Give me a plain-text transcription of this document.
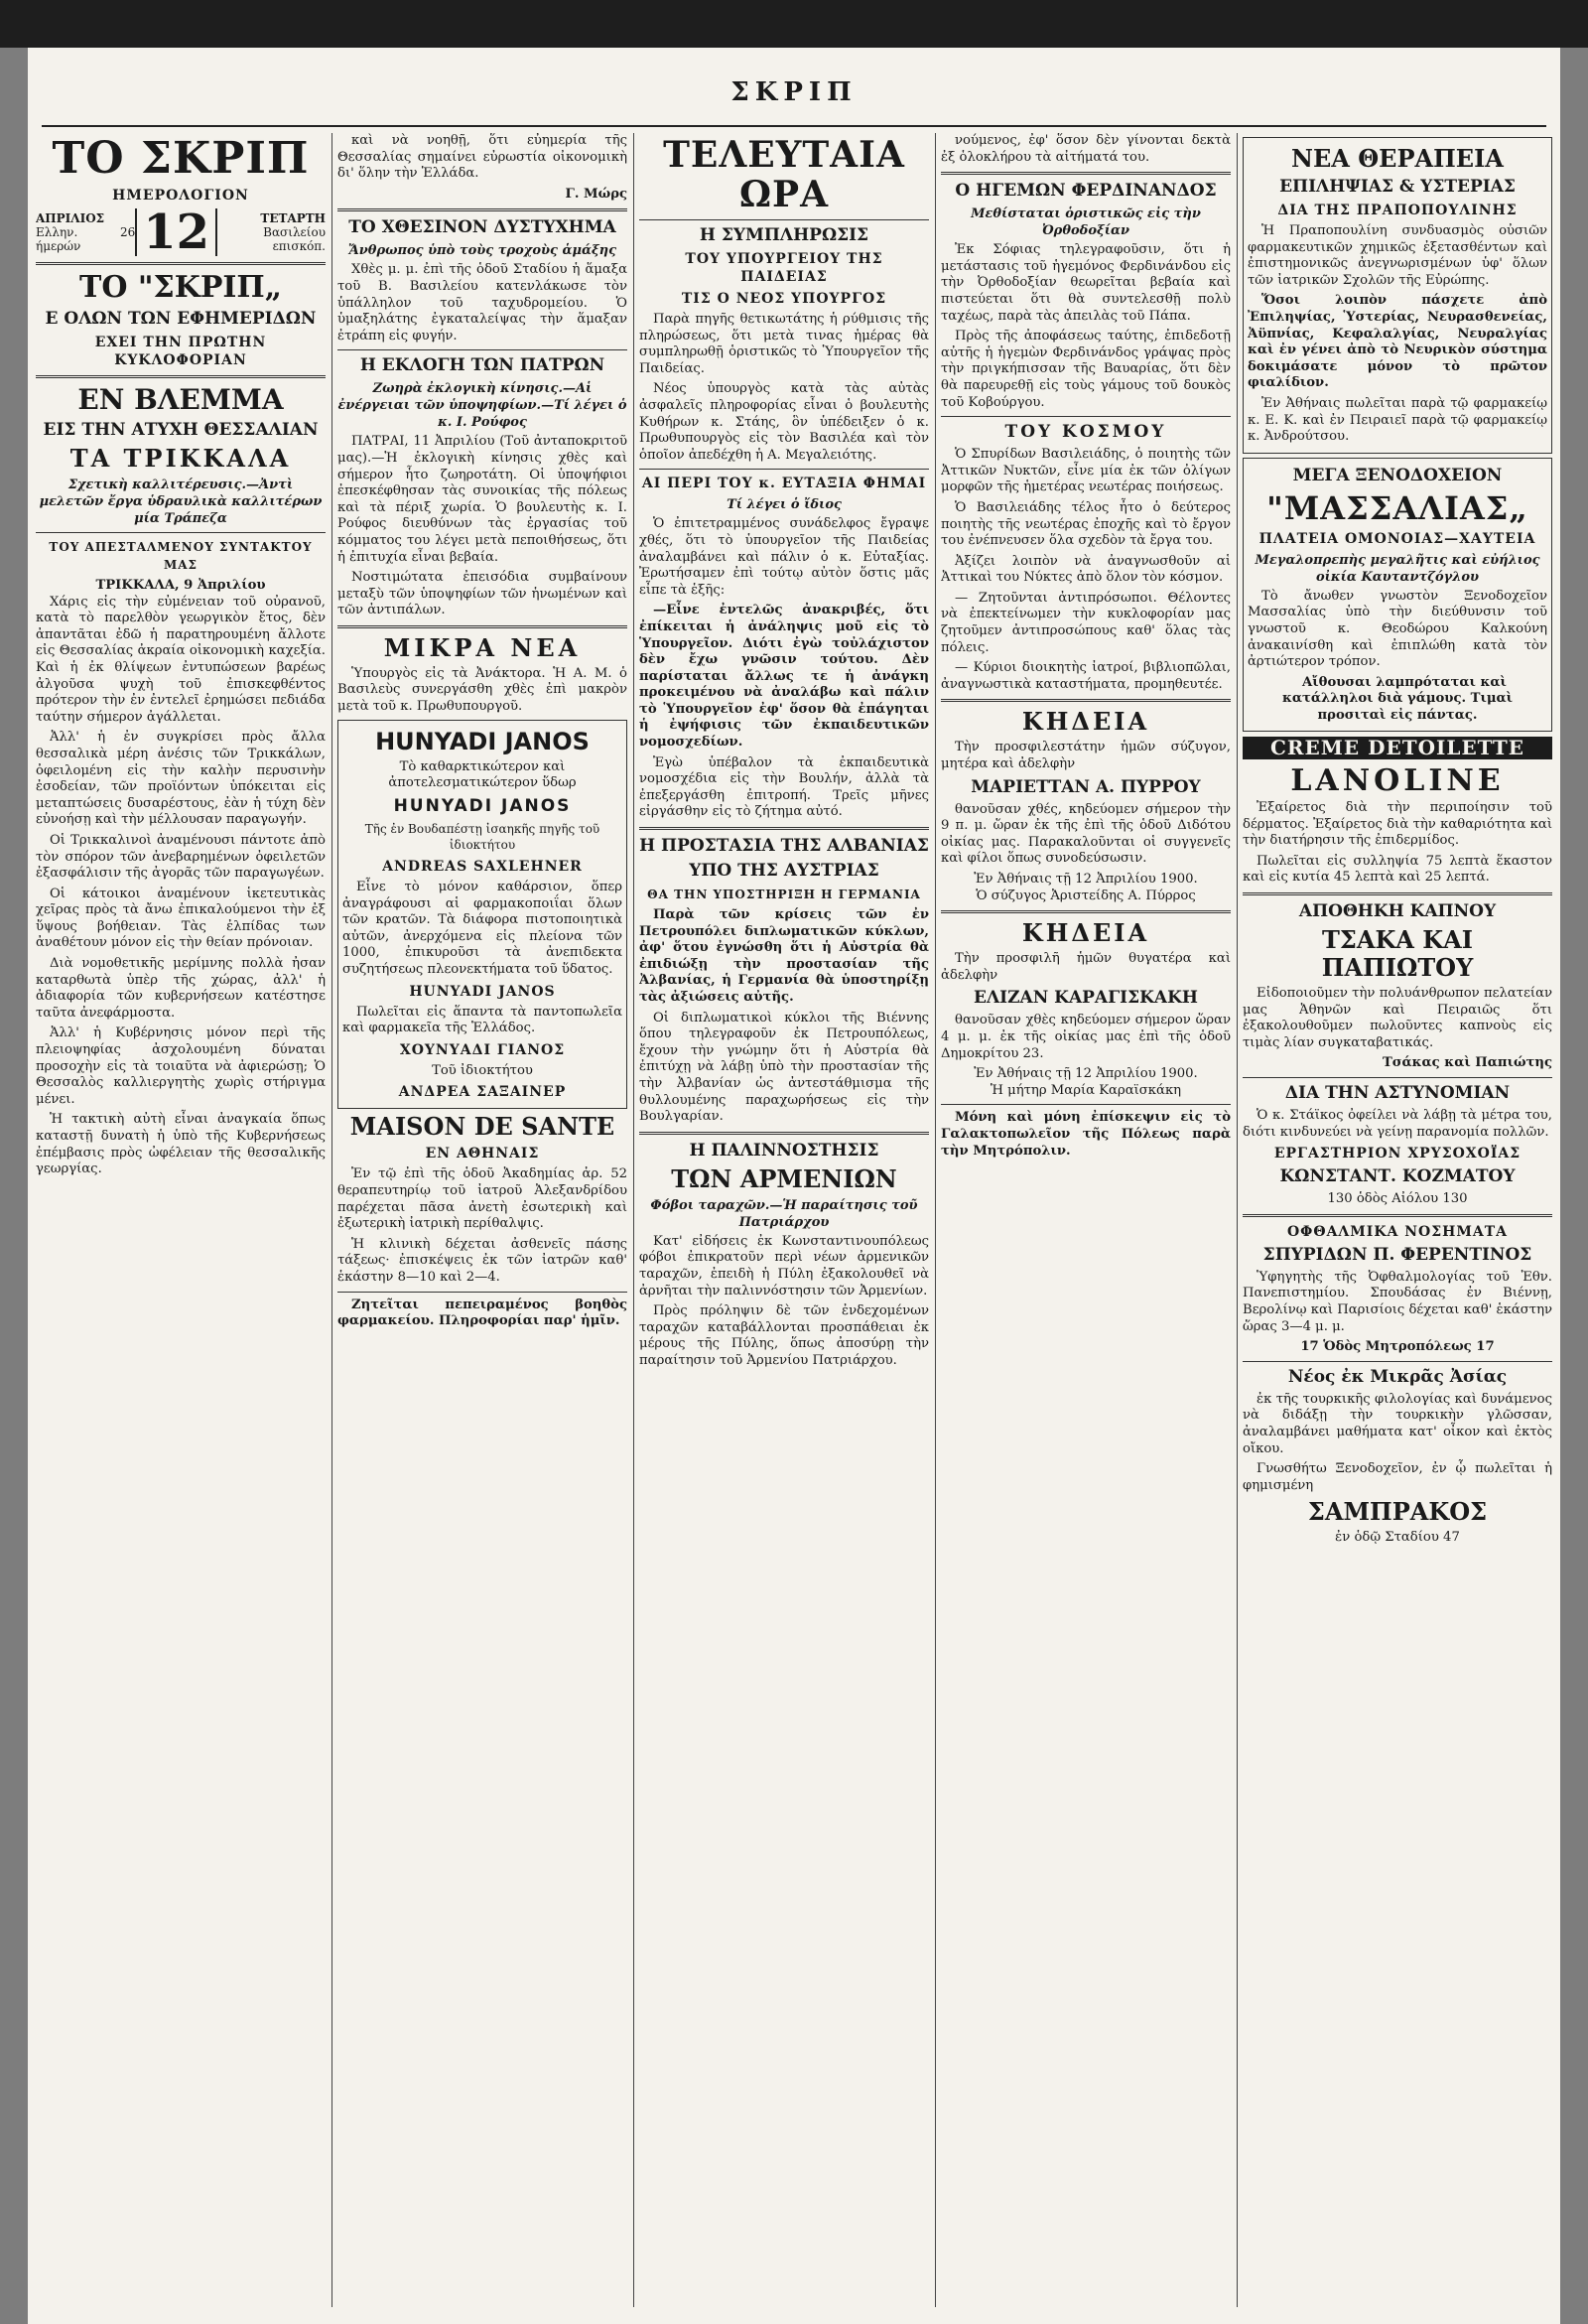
ΣΚΡΙΠ
ΤΟ ΣΚΡΙΠ
ΗΜΕΡΟΛΟΓΙΟΝ
ΑΠΡΙΛΙΟΣ
Ελλην. 26 ήμερών	12	ΤΕΤΑΡΤΗ
Βασιλείου επισκόπ.
ΤΟ "ΣΚΡΙΠ„
Ε ΟΛΩΝ ΤΩΝ ΕΦΗΜΕΡΙΔΩΝ
ΕΧΕΙ ΤΗΝ ΠΡΩΤΗΝ ΚΥΚΛΟΦΟΡΙΑΝ
ΕΝ ΒΛΕΜΜΑ
ΕΙΣ ΤΗΝ ΑΤΥΧΗ ΘΕΣΣΑΛΙΑΝ
ΤΑ ΤΡΙΚΚΑΛΑ
Σχετικὴ καλλιτέρευσις.—Ἀντὶ μελετῶν ἔργα ὑδραυλικὰ καλλιτέρων μία Τράπεζα
ΤΟΥ ΑΠΕΣΤΑΛΜΕΝΟΥ ΣΥΝΤΑΚΤΟΥ ΜΑΣ
ΤΡΙΚΚΑΛΑ, 9 Ἀπριλίου

Χάρις εἰς τὴν εὐμένειαν τοῦ οὐρανοῦ, κατὰ τὸ παρελθὸν γεωργικὸν ἔτος, δὲν ἀπαντᾶται ἐδῶ ἡ παρατηρουμένη ἄλλοτε εἰς Θεσσαλίας ἀκραία οἰκονομικὴ καχεξία. Καὶ ἡ ἐκ θλίψεων ἐντυπώσεων βαρέως ἀλγοῦσα ψυχὴ τοῦ ἐπισκεφθέντος πρότερον τὴν ἐν ἐντελεῖ ἐρημώσει πεδιάδα ταύτην σήμερον ἀγάλλεται.

Ἀλλ' ἡ ἐν συγκρίσει πρὸς ἄλλα θεσσαλικὰ μέρη ἀνέσις τῶν Τρικκάλων, ὀφειλομένη εἰς τὴν καλὴν περυσινὴν ἐσοδείαν, τῶν προϊόντων ὑπόκειται εἰς μεταπτώσεις δυσαρέστους, ἐὰν ἡ τύχη δὲν εὐνοήσῃ καὶ τὴν μέλλουσαν παραγωγήν.

Οἱ Τρικκαλινοὶ ἀναμένουσι πάντοτε ἀπὸ τὸν σπόρον τῶν ἀνεβαρημένων ὀφειλετῶν ἐξασφάλισιν τῆς ἀγορᾶς τῶν παραγωγέων.

Οἱ κάτοικοι ἀναμένουν ἱκετευτικὰς χεῖρας πρὸς τὰ ἄνω ἐπικαλούμενοι τὴν ἐξ ὕψους βοήθειαν. Τὰς ἐλπίδας των ἀναθέτουν μόνον εἰς τὴν θείαν πρόνοιαν.

Διὰ νομοθετικῆς μερίμνης πολλὰ ἠσαν καταρθωτὰ ὑπὲρ τῆς χώρας, ἀλλ' ἡ ἀδιαφορία τῶν κυβερνήσεων κατέστησε ταῦτα ἀνεφάρμοστα.

Ἀλλ' ἡ Κυβέρνησις μόνον περὶ τῆς πλειοψηφίας ἀσχολουμένη δύναται προσοχὴν εἰς τὰ τοιαῦτα νὰ ἀφιερώσῃ; Ὁ Θεσσαλὸς καλλιεργητὴς χωρὶς στήριγμα μένει.

Ἡ τακτικὴ αὐτὴ εἶναι ἀναγκαία ὅπως καταστῇ δυνατὴ ἡ ὑπὸ τῆς Κυβερνήσεως ἐπέμβασις πρὸς ὠφέλειαν τῆς θεσσαλικῆς γεωργίας.

καὶ νὰ νοηθῇ, ὅτι εὐημερία τῆς Θεσσαλίας σημαίνει εὐρωστία οἰκονομικὴ δι' ὅλην τὴν Ἑλλάδα.

Γ. Μώρς
ΤΟ ΧΘΕΣΙΝΟΝ ΔΥΣΤΥΧΗΜΑ
Ἄνθρωπος ὑπὸ τοὺς τροχοὺς ἁμάξης

Χθὲς μ. μ. ἐπὶ τῆς ὁδοῦ Σταδίου ἡ ἅμαξα τοῦ Β. Βασιλείου κατενλάκωσε τὸν ὑπάλληλον τοῦ ταχυδρομείου. Ὁ ὑμαξηλάτης ἐγκαταλείψας τὴν ἅμαξαν ἐτράπη εἰς φυγήν.

Η ΕΚΛΟΓΗ ΤΩΝ ΠΑΤΡΩΝ
Ζωηρὰ ἐκλογικὴ κίνησις.—Αἱ ἐνέργειαι τῶν ὑποψηφίων.—Τί λέγει ὁ κ. Ι. Ρούφος

ΠΑΤΡΑΙ, 11 Ἀπριλίου (Τοῦ ἀνταποκριτοῦ μας).—Ἡ ἐκλογικὴ κίνησις χθὲς καὶ σήμερον ἦτο ζωηροτάτη. Οἱ ὑποψήφιοι ἐπεσκέφθησαν τὰς συνοικίας τῆς πόλεως καὶ τὰ πέριξ χωρία. Ὁ βουλευτὴς κ. Ι. Ρούφος διευθύνων τὰς ἐργασίας τοῦ κόμματος του λέγει μετὰ πεποιθήσεως, ὅτι ἡ ἐπιτυχία εἶναι βεβαία.

Νοστιμώτατα ἐπεισόδια συμβαίνουν μεταξὺ τῶν ὑποψηφίων τῶν ἡνωμένων καὶ τῶν ἀντιπάλων.

ΜΙΚΡΑ ΝΕΑ

Ὑπουργὸς εἰς τὰ Ἀνάκτορα. Ἡ Α. Μ. ὁ Βασιλεὺς συνεργάσθη χθὲς ἐπὶ μακρὸν μετὰ τοῦ κ. Πρωθυπουργοῦ.

HUNYADI JANOS
Τὸ καθαρκτικώτερον καὶ ἀποτελεσματικώτερον ὕδωρ
HUNYADI JANOS
Τῆς ἐν Βουδαπέστῃ ἰσαηκῆς πηγῆς τοῦ ἰδιοκτήτου
ANDREAS SAXLEHNER

Εἶνε τὸ μόνον καθάρσιον, ὅπερ ἀναγράφουσι αἱ φαρμακοποιΐαι ὅλων τῶν κρατῶν. Τὰ διάφορα πιστοποιητικὰ αὐτῶν, ἀνερχόμενα εἰς πλείονα τῶν 1000, ἐπικυροῦσι τὰ ἀνεπιδεκτα συζητήσεως πλεονεκτήματα τοῦ ὕδατος.

HUNYADI JANOS

Πωλεῖται εἰς ἅπαντα τὰ παντοπωλεῖα καὶ φαρμακεῖα τῆς Ἑλλάδος.

ΧΟΥΝΥΑΔΙ ΓΙΑΝΟΣ
Τοῦ ἰδιοκτήτου
ΑΝΔΡΕΑ ΣΑΞΑΙΝΕΡ
MAISON DE SANTE
ΕΝ ΑΘΗΝΑΙΣ

Ἐν τῷ ἐπὶ τῆς ὁδοῦ Ἀκαδημίας ἀρ. 52 θεραπευτηρίῳ τοῦ ἰατροῦ Ἀλεξανδρίδου παρέχεται πᾶσα ἀνετὴ ἐσωτερικὴ καὶ ἐξωτερικὴ ἰατρικὴ περίθαλψις.

Ἡ κλινικὴ δέχεται ἀσθενεῖς πάσης τάξεως· ἐπισκέψεις ἐκ τῶν ἰατρῶν καθ' ἑκάστην 8—10 καὶ 2—4.

Ζητεῖται πεπειραμένος βοηθὸς φαρμακείου. Πληροφορίαι παρ' ἡμῖν.

ΤΕΛΕΥΤΑΙΑ ΩΡΑ
Η ΣΥΜΠΛΗΡΩΣΙΣ
ΤΟΥ ΥΠΟΥΡΓΕΙΟΥ ΤΗΣ ΠΑΙΔΕΙΑΣ
ΤΙΣ Ο ΝΕΟΣ ΥΠΟΥΡΓΟΣ

Παρὰ πηγῆς θετικωτάτης ἡ ρύθμισις τῆς πληρώσεως, ὅτι μετὰ τινας ἡμέρας θὰ συμπληρωθῇ ὁριστικῶς τὸ Ὑπουργεῖον τῆς Παιδείας.

Νέος ὑπουργὸς κατὰ τὰς αὐτὰς ἀσφαλεῖς πληροφορίας εἶναι ὁ βουλευτὴς Κυθήρων κ. Στάης, ὃν ὑπέδειξεν ὁ κ. Πρωθυπουργὸς εἰς τὸν Βασιλέα καὶ τὸν ὁποῖον ἀπεδέχθη ἡ Α. Μεγαλειότης.

ΑΙ ΠΕΡΙ ΤΟΥ κ. ΕΥΤΑΞΙΑ ΦΗΜΑΙ
Τί λέγει ὁ ἴδιος

Ὁ ἐπιτετραμμένος συνάδελφος ἔγραψε χθές, ὅτι τὸ ὑπουργεῖον τῆς Παιδείας ἀναλαμβάνει καὶ πάλιν ὁ κ. Εὐταξίας. Ἐρωτήσαμεν ἐπὶ τούτῳ αὐτὸν ὅστις μᾶς εἶπε τὰ ἑξῆς:

—Εἶνε ἐντελῶς ἀνακριβές, ὅτι ἐπίκειται ἡ ἀνάληψις μοῦ εἰς τὸ Ὑπουργεῖον. Διότι ἐγὼ τοὐλάχιστον δὲν ἔχω γνῶσιν τούτου. Δὲν παρίσταται ἄλλως τε ἡ ἀνάγκη προκειμένου νὰ ἀναλάβω καὶ πάλιν τὸ Ὑπουργεῖον ἐφ' ὅσον θὰ ἐπάγηται ἡ ἐψήφισις τῶν ἐκπαιδευτικῶν νομοσχεδίων.

Ἐγὼ ὑπέβαλον τὰ ἐκπαιδευτικὰ νομοσχέδια εἰς τὴν Βουλήν, ἀλλὰ τὰ ἐπεξεργάσθη ἐπιτροπή. Τρεῖς μῆνες εἰργάσθην εἰς τὸ ζήτημα αὐτό.

Η ΠΡΟΣΤΑΣΙΑ ΤΗΣ ΑΛΒΑΝΙΑΣ
ΥΠΟ ΤΗΣ ΑΥΣΤΡΙΑΣ
ΘΑ ΤΗΝ ΥΠΟΣΤΗΡΙΞΗ Η ΓΕΡΜΑΝΙΑ

Παρὰ τῶν κρίσεις τῶν ἐν Πετρουπόλει διπλωματικῶν κύκλων, ἀφ' ὅτου ἐγνώσθη ὅτι ἡ Αὐστρία θὰ ἐπιδιώξῃ τὴν προστασίαν τῆς Ἀλβανίας, ἡ Γερμανία θὰ ὑποστηρίξῃ τὰς ἀξιώσεις αὐτῆς.

Οἱ διπλωματικοὶ κύκλοι τῆς Βιέννης ὅπου τηλεγραφοῦν ἐκ Πετρουπόλεως, ἔχουν τὴν γνώμην ὅτι ἡ Αὐστρία θὰ ἐπιτύχῃ νὰ λάβῃ ὑπὸ τὴν προστασίαν τῆς τὴν Ἀλβανίαν ὡς ἀντεστάθμισμα τῆς θυλλουμένης παραχωρήσεως εἰς τὴν Βουλγαρίαν.

Η ΠΑΛΙΝΝΟΣΤΗΣΙΣ
ΤΩΝ ΑΡΜΕΝΙΩΝ
Φόβοι ταραχῶν.—Ἡ παραίτησις τοῦ Πατριάρχου

Κατ' εἰδήσεις ἐκ Κωνσταντινουπόλεως φόβοι ἐπικρατοῦν περὶ νέων ἀρμενικῶν ταραχῶν, ἐπειδὴ ἡ Πύλη ἐξακολουθεῖ νὰ ἀρνῆται τὴν παλιννόστησιν τῶν Ἀρμενίων.

Πρὸς πρόληψιν δὲ τῶν ἐνδεχομένων ταραχῶν καταβάλλονται προσπάθειαι ἐκ μέρους τῆς Πύλης, ὅπως ἀποσύρῃ τὴν παραίτησιν τοῦ Ἀρμενίου Πατριάρχου.

νούμενος, ἐφ' ὅσον δὲν γίνονται δεκτὰ ἐξ ὁλοκλήρου τὰ αἰτήματά του.

Ο ΗΓΕΜΩΝ ΦΕΡΔΙΝΑΝΔΟΣ
Μεθίσταται ὁριστικῶς εἰς τὴν Ὀρθοδοξίαν

Ἐκ Σόφιας τηλεγραφοῦσιν, ὅτι ἡ μετάστασις τοῦ ἡγεμόνος Φερδινάνδου εἰς τὴν Ὀρθοδοξίαν θεωρεῖται βεβαία καὶ πιστεύεται ὅτι θὰ συντελεσθῇ πολὺ ταχέως, παρὰ τὰς ἀπειλὰς τοῦ Πάπα.

Πρὸς τῆς ἀποφάσεως ταύτης, ἐπιδεδοτῇ αὐτῆς ἡ ἡγεμὼν Φερδινάνδος γράψας πρὸς τὴν πριγκήπισσαν τῆς Βαυαρίας, ὅτι δὲν θὰ παρευρεθῇ εἰς τοὺς γάμους τοῦ δουκὸς τοῦ Κοβούργου.

ΤΟΥ ΚΟΣΜΟΥ

Ὁ Σπυρίδων Βασιλειάδης, ὁ ποιητὴς τῶν Ἀττικῶν Νυκτῶν, εἶνε μία ἐκ τῶν ὀλίγων μορφῶν τῆς ἡμετέρας νεωτέρας ποιήσεως.

Ὁ Βασιλειάδης τέλος ἦτο ὁ δεύτερος ποιητὴς τῆς νεωτέρας ἐποχῆς καὶ τὸ ἔργον του ἐνέπνευσεν ὅλα σχεδὸν τὰ ἔργα του.

Ἀξίζει λοιπὸν νὰ ἀναγνωσθοῦν αἱ Ἀττικαὶ του Νύκτες ἀπὸ ὅλον τὸν κόσμον.

— Ζητοῦνται ἀντιπρόσωποι. Θέλοντες νὰ ἐπεκτείνωμεν τὴν κυκλοφορίαν μας ζητοῦμεν ἀντιπροσώπους καθ' ὅλας τὰς πόλεις.

— Κύριοι διοικητὴς ἰατροί, βιβλιοπῶλαι, ἀναγνωστικὰ καταστήματα, προμηθευτέε.

ΚΗΔΕΙΑ

Τὴν προσφιλεστάτην ἡμῶν σύζυγον, μητέρα καὶ ἀδελφὴν

ΜΑΡΙΕΤΤΑΝ Α. ΠΥΡΡΟΥ

θανοῦσαν χθές, κηδεύομεν σήμερον τὴν 9 π. μ. ὥραν ἐκ τῆς ἐπὶ τῆς ὁδοῦ Διδότου οἰκίας μας. Παρακαλοῦνται οἱ συγγενεῖς καὶ φίλοι ὅπως συνοδεύσωσιν.

Ἐν Ἀθήναις τῇ 12 Ἀπριλίου 1900.
Ὁ σύζυγος Ἀριστείδης Α. Πύρρος
ΚΗΔΕΙΑ

Τὴν προσφιλῆ ἡμῶν θυγατέρα καὶ ἀδελφὴν

ΕΛΙΖΑΝ ΚΑΡΑΓΙΣΚΑΚΗ

θανοῦσαν χθὲς κηδεύομεν σήμερον ὥραν 4 μ. μ. ἐκ τῆς οἰκίας μας ἐπὶ τῆς ὁδοῦ Δημοκρίτου 23.

Ἐν Ἀθήναις τῇ 12 Ἀπριλίου 1900.
Ἡ μήτηρ Μαρία Καραϊσκάκη

Μόνη καὶ μόνη ἐπίσκεψιν εἰς τὸ Γαλακτοπωλεῖον τῆς Πόλεως παρὰ τὴν Μητρόπολιν.

ΝΕΑ ΘΕΡΑΠΕΙΑ
ΕΠΙΛΗΨΙΑΣ & ΥΣΤΕΡΙΑΣ
ΔΙΑ ΤΗΣ ΠΡΑΠΟΠΟΥΛΙΝΗΣ

Ἡ Πραποπουλίνη συνδυασμὸς οὐσιῶν φαρμακευτικῶν χημικῶς ἐξετασθέντων καὶ ἐπιστημονικῶς ἀνεγνωρισμένων ὑφ' ὅλων τῶν ἰατρικῶν Σχολῶν τῆς Εὐρώπης.

Ὅσοι λοιπὸν πάσχετε ἀπὸ Ἐπιληψίας, Ὑστερίας, Νευρασθενείας, Ἀϋπνίας, Κεφαλαλγίας, Νευραλγίας καὶ ἐν γένει ἀπὸ τὸ Νευρικὸν σύστημα δοκιμάσατε μόνον τὸ πρῶτον φιαλίδιον.

Ἐν Ἀθήναις πωλεῖται παρὰ τῷ φαρμακείῳ κ. Ε. Κ. καὶ ἐν Πειραιεῖ παρὰ τῷ φαρμακείῳ κ. Ἀνδρούτσου.

ΜΕΓΑ ΞΕΝΟΔΟΧΕΙΟΝ
"ΜΑΣΣΑΛΙΑΣ„
ΠΛΑΤΕΙΑ ΟΜΟΝΟΙΑΣ—ΧΑΥΤΕΙΑ
Μεγαλοπρεπὴς μεγαλῆτις καὶ εὐήλιος οἰκία Καυταντζόγλου

Τὸ ἄνωθεν γνωστὸν Ξενοδοχεῖον Μασσαλίας ὑπὸ τὴν διεύθυνσιν τοῦ γνωστοῦ κ. Θεοδώρου Καλκούνη ἀνακαινίσθη καὶ ἐπιπλώθη κατὰ τὸν ἀρτιώτερον τρόπον.

Αἴθουσαι λαμπρόταται καὶ κατάλληλοι διὰ γάμους. Τιμαὶ προσιταὶ εἰς πάντας.

CREME DETOILETTE
LANOLINE

Ἐξαίρετος διὰ τὴν περιποίησιν τοῦ δέρματος. Ἐξαίρετος διὰ τὴν καθαριότητα καὶ τὴν διατήρησιν τῆς ἐπιδερμίδος.

Πωλεῖται εἰς συλληψία 75 λεπτὰ ἕκαστον καὶ εἰς κυτία 45 λεπτὰ καὶ 25 λεπτά.

ΑΠΟΘΗΚΗ ΚΑΠΝΟΥ
ΤΣΑΚΑ ΚΑΙ ΠΑΠΙΩΤΟΥ

Εἰδοποιοῦμεν τὴν πολυάνθρωπον πελατείαν μας Ἀθηνῶν καὶ Πειραιῶς ὅτι ἐξακολουθοῦμεν πωλοῦντες καπνοὺς εἰς τιμὰς λίαν συγκαταβατικάς.

Τσάκας καὶ Παπιώτης
ΔΙΑ ΤΗΝ ΑΣΤΥΝΟΜΙΑΝ

Ὁ κ. Στάϊκος ὀφείλει νὰ λάβῃ τὰ μέτρα του, διότι κινδυνεύει νὰ γείνῃ παρανομία πολλῶν.

ΕΡΓΑΣΤΗΡΙΟΝ ΧΡΥΣΟΧΟΪΑΣ
ΚΩΝΣΤΑΝΤ. ΚΟΖΜΑΤΟΥ
130 ὁδὸς Αἰόλου 130
ΟΦΘΑΛΜΙΚΑ ΝΟΣΗΜΑΤΑ
ΣΠΥΡΙΔΩΝ Π. ΦΕΡΕΝΤΙΝΟΣ

Ὑφηγητὴς τῆς Ὀφθαλμολογίας τοῦ Ἐθν. Πανεπιστημίου. Σπουδάσας ἐν Βιέννῃ, Βερολίνῳ καὶ Παρισίοις δέχεται καθ' ἑκάστην ὥρας 3—4 μ. μ.

17 Ὁδὸς Μητροπόλεως 17
Νέος ἐκ Μικρᾶς Ἀσίας

ἐκ τῆς τουρκικῆς φιλολογίας καὶ δυνάμενος νὰ διδάξῃ τὴν τουρκικὴν γλῶσσαν, ἀναλαμβάνει μαθήματα κατ' οἶκον καὶ ἐκτὸς οἴκου.

Γνωσθήτω Ξενοδοχεῖον, ἐν ᾧ πωλεῖται ἡ φημισμένη

ΣΑΜΠΡΑΚΟΣ
ἐν ὁδῷ Σταδίου 47
